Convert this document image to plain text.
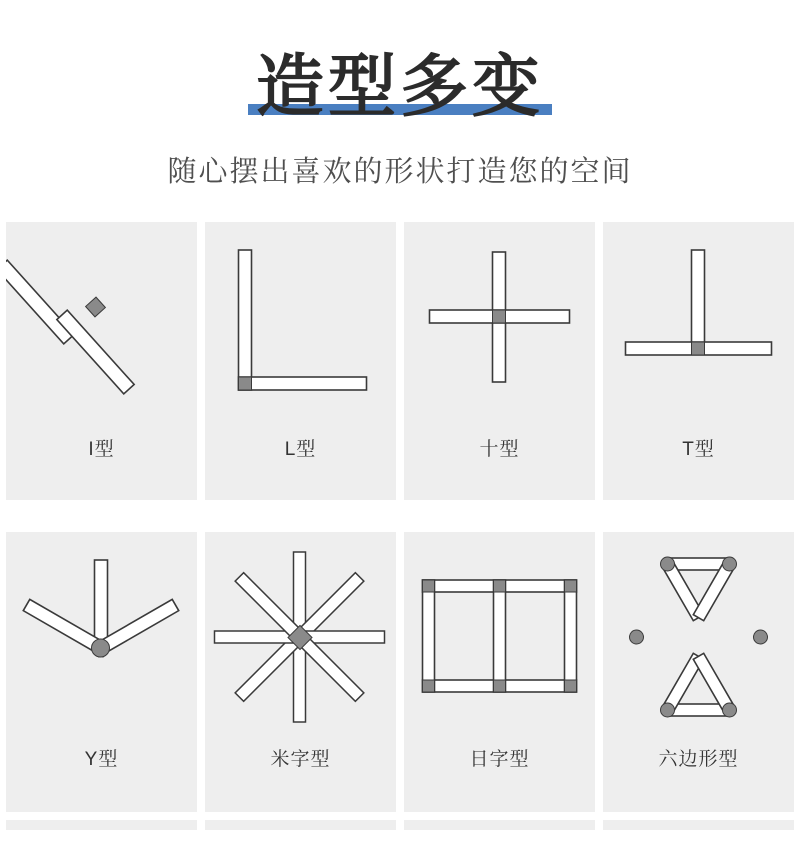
造型多变
随心摆出喜欢的形状打造您的空间
I型	L型	十型	T型
Y型	米字型	日字型	六边形型
